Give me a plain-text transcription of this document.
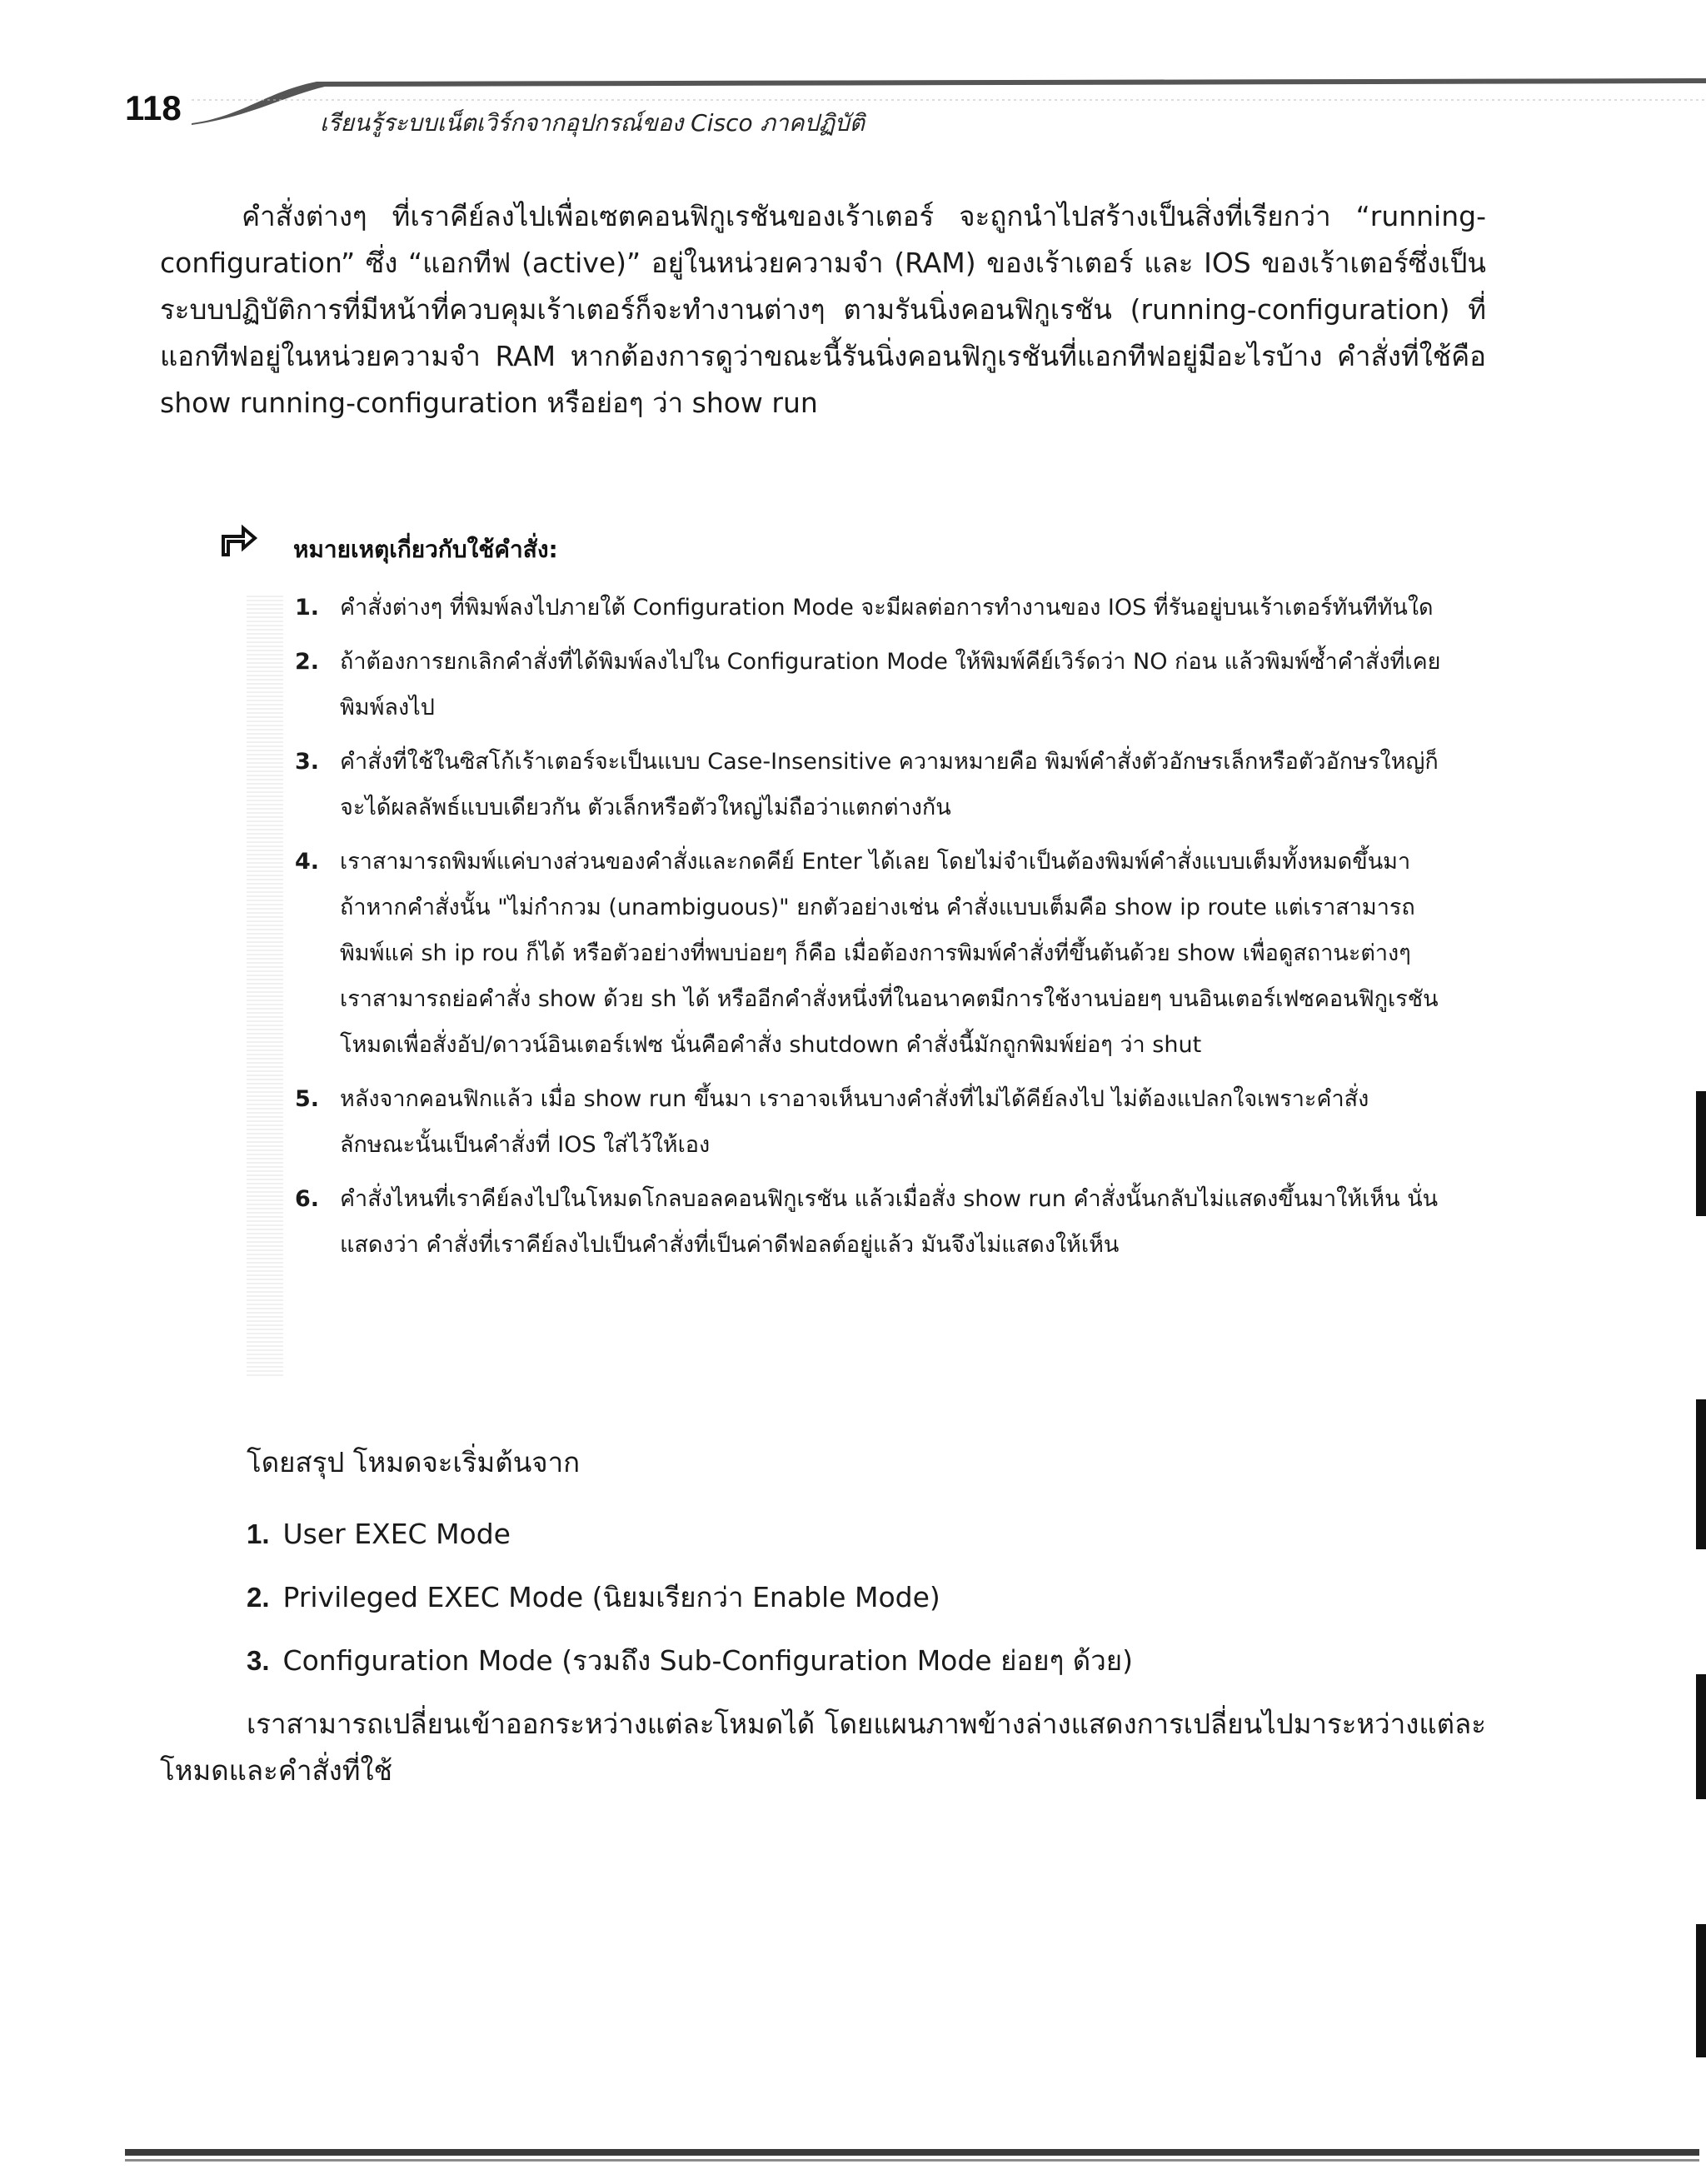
118	เรียนรู้ระบบเน็ตเวิร์กจากอุปกรณ์ของ Cisco ภาคปฏิบัติ

คำสั่งต่างๆ ที่เราคีย์ลงไปเพื่อเซตคอนฟิกูเรชันของเร้าเตอร์ จะถูกนำไปสร้างเป็นสิ่งที่เรียกว่า “running-configuration” ซึ่ง “แอกทีฟ (active)” อยู่ในหน่วยความจำ (RAM) ของเร้าเตอร์ และ IOS ของเร้าเตอร์ซึ่งเป็นระบบปฏิบัติการที่มีหน้าที่ควบคุมเร้าเตอร์ก็จะทำงานต่างๆ ตามรันนิ่งคอนฟิกูเรชัน (running-configuration) ที่แอกทีฟอยู่ในหน่วยความจำ RAM หากต้องการดูว่าขณะนี้รันนิ่งคอนฟิกูเรชันที่แอกทีฟอยู่มีอะไรบ้าง คำสั่งที่ใช้คือ show running-configuration หรือย่อๆ ว่า show run

หมายเหตุเกี่ยวกับใช้คำสั่ง:
1. คำสั่งต่างๆ ที่พิมพ์ลงไปภายใต้ Configuration Mode จะมีผลต่อการทำงานของ IOS ที่รันอยู่บนเร้าเตอร์ทันทีทันใด
2. ถ้าต้องการยกเลิกคำสั่งที่ได้พิมพ์ลงไปใน Configuration Mode ให้พิมพ์คีย์เวิร์ดว่า NO ก่อน แล้วพิมพ์ซ้ำคำสั่งที่เคยพิมพ์ลงไป
3. คำสั่งที่ใช้ในซิสโก้เร้าเตอร์จะเป็นแบบ Case-Insensitive ความหมายคือ พิมพ์คำสั่งตัวอักษรเล็กหรือตัวอักษรใหญ่ก็จะได้ผลลัพธ์แบบเดียวกัน ตัวเล็กหรือตัวใหญ่ไม่ถือว่าแตกต่างกัน
4. เราสามารถพิมพ์แค่บางส่วนของคำสั่งและกดคีย์ Enter ได้เลย โดยไม่จำเป็นต้องพิมพ์คำสั่งแบบเต็มทั้งหมดขึ้นมา ถ้าหากคำสั่งนั้น "ไม่กำกวม (unambiguous)" ยกตัวอย่างเช่น คำสั่งแบบเต็มคือ show ip route แต่เราสามารถพิมพ์แค่ sh ip rou ก็ได้ หรือตัวอย่างที่พบบ่อยๆ ก็คือ เมื่อต้องการพิมพ์คำสั่งที่ขึ้นต้นด้วย show เพื่อดูสถานะต่างๆ เราสามารถย่อคำสั่ง show ด้วย sh ได้ หรืออีกคำสั่งหนึ่งที่ในอนาคตมีการใช้งานบ่อยๆ บนอินเตอร์เฟซคอนฟิกูเรชันโหมดเพื่อสั่งอัป/ดาวน์อินเตอร์เฟซ นั่นคือคำสั่ง shutdown คำสั่งนี้มักถูกพิมพ์ย่อๆ ว่า shut
5. หลังจากคอนฟิกแล้ว เมื่อ show run ขึ้นมา เราอาจเห็นบางคำสั่งที่ไม่ได้คีย์ลงไป ไม่ต้องแปลกใจเพราะคำสั่งลักษณะนั้นเป็นคำสั่งที่ IOS ใส่ไว้ให้เอง
6. คำสั่งไหนที่เราคีย์ลงไปในโหมดโกลบอลคอนฟิกูเรชัน แล้วเมื่อสั่ง show run คำสั่งนั้นกลับไม่แสดงขึ้นมาให้เห็น นั่นแสดงว่า คำสั่งที่เราคีย์ลงไปเป็นคำสั่งที่เป็นค่าดีฟอลต์อยู่แล้ว มันจึงไม่แสดงให้เห็น
โดยสรุป โหมดจะเริ่มต้นจาก
1. User EXEC Mode
2. Privileged EXEC Mode (นิยมเรียกว่า Enable Mode)
3. Configuration Mode (รวมถึง Sub-Configuration Mode ย่อยๆ ด้วย)

เราสามารถเปลี่ยนเข้าออกระหว่างแต่ละโหมดได้ โดยแผนภาพข้างล่างแสดงการเปลี่ยนไปมาระหว่างแต่ละโหมดและคำสั่งที่ใช้
